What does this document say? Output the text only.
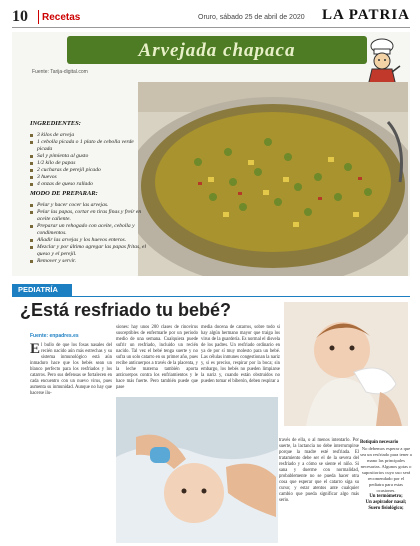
10 Recetas	Oruro, sábado 25 de abril de 2020 LA PATRIA
Arvejada chapaca
Fuente: Tarija-digital.com
INGREDIENTES:
3 kilos de arveja
1 cebolla picada o 1 plato de cebolla verde picada
Sal y pimienta al gusto
1/2 kilo de papas
2 cucharas de perejil picado
3 huevos
4 onzas de queso rallado
MODO DE PREPARAR:
Pelar y hacer cocer las arvejas.
Pelar las papas, cortar en tiras finas y freír en aceite caliente.
Preparar un rehogado con aceite, cebolla y condimentos.
Añadir las arvejas y los huevos enteros.
Mezclar y por último agregar las papas fritas, el queso y el perejil.
Remover y servir.
PEDIATRÍA
¿Está resfriado tu bebé?
Fuente: enpadres.es
El bullo de que los fosas nasales del recién nacido aún más estrechas y su sistema inmunológico está aún inmaduro hace que los bebés sean un blanco perfecto para los resfriados y los catarros. Pero sus defensas se fortalecen en cada encuentro con un nuevo virus, pues aumenta su inmunidad. Aunque no hay que hacerse ilu-
siones: hay unos 200 clases de rinovirus susceptibles de enfermarle por un periodo medio de una semana. Cualquiera puede sufrir un resfriado, incluido un recién nacido. Tal vez el bebé tenga suerte y no sufra un solo catarro en su primer año, pues recibe anticuerpos a través de la placenta, y la leche materna también aporta anticuerpos contra los enfriamientos y le hace más fuerte. Pero también puede que pase
media docena de catarros, sobre todo si hay algún hermano mayor que traiga los virus de la guardería. Es normal el disvela de los padres. Un resfriado ordinario en ya de por sí muy molesto para un bebé. Las células inmunes congestionan la nariz y, si es preciso, respirar por la boca; sin embargo, los bebés no pueden limpiarse la nariz y, cuando están obstruidos no pueden tomar el biberón, deben respirar a
través de ella, o al menos intentarlo. Por suerte, la lactancia no debe interrumpirse porque la madre esté resfriada. El tratamiento debe ser el de la severa del resfriado y a cómo se siente el niño. Si sana y duerme con normalidad, probablemente no se pueda hacer otra cosa que esperar que el catarro siga su curso; y estar atentos ante cualquier cambio que pueda significar algo más serio.
Botiquín necesario
No debemos esperar a que sea un resfriado para tener a mano las principales necesarias. Algunos gotas o supositorios cuyo uso será recomendado por el pediatra para estas ocasiones.
Un termómetro;
Un aspirador nasal;
Suero fisiológico;
